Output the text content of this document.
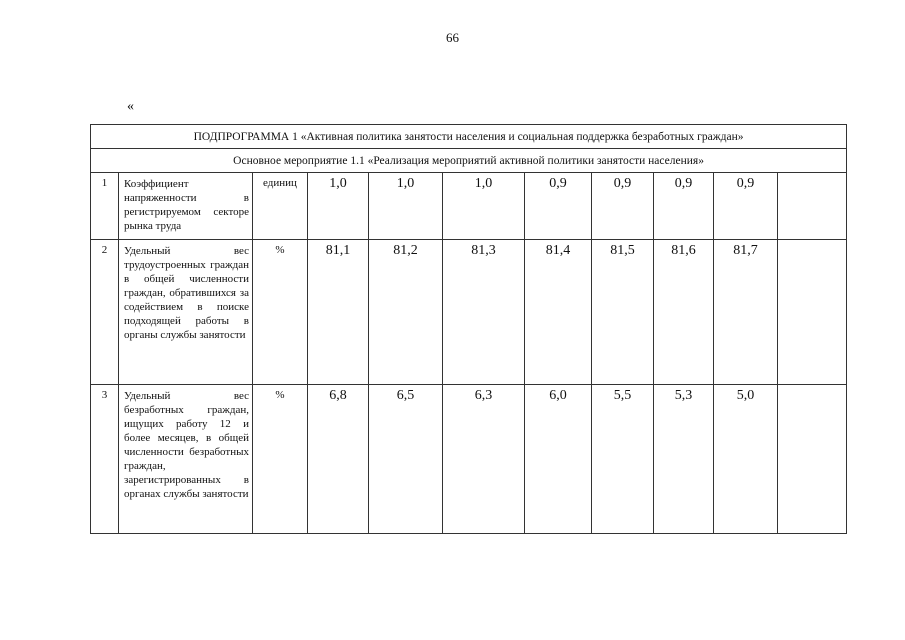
66
«
ПОДПРОГРАММА 1 «Активная политика занятости населения и социальная поддержка безработных граждан»										
Основное мероприятие 1.1 «Реализация мероприятий активной политики занятости населения»										
1	Коэффициент напряженности в регистрируемом секторе рынка труда	единиц	1,0	1,0	1,0	0,9	0,9	0,9	0,9	
2	Удельный вес трудоустроенных граждан в общей численности граждан, обратившихся за содействием в поиске подходящей работы в органы службы занятости	%	81,1	81,2	81,3	81,4	81,5	81,6	81,7	
3	Удельный вес безработных граждан, ищущих работу 12 и более месяцев, в общей численности безработных граждан, зарегистрированных в органах службы занятости	%	6,8	6,5	6,3	6,0	5,5	5,3	5,0	
